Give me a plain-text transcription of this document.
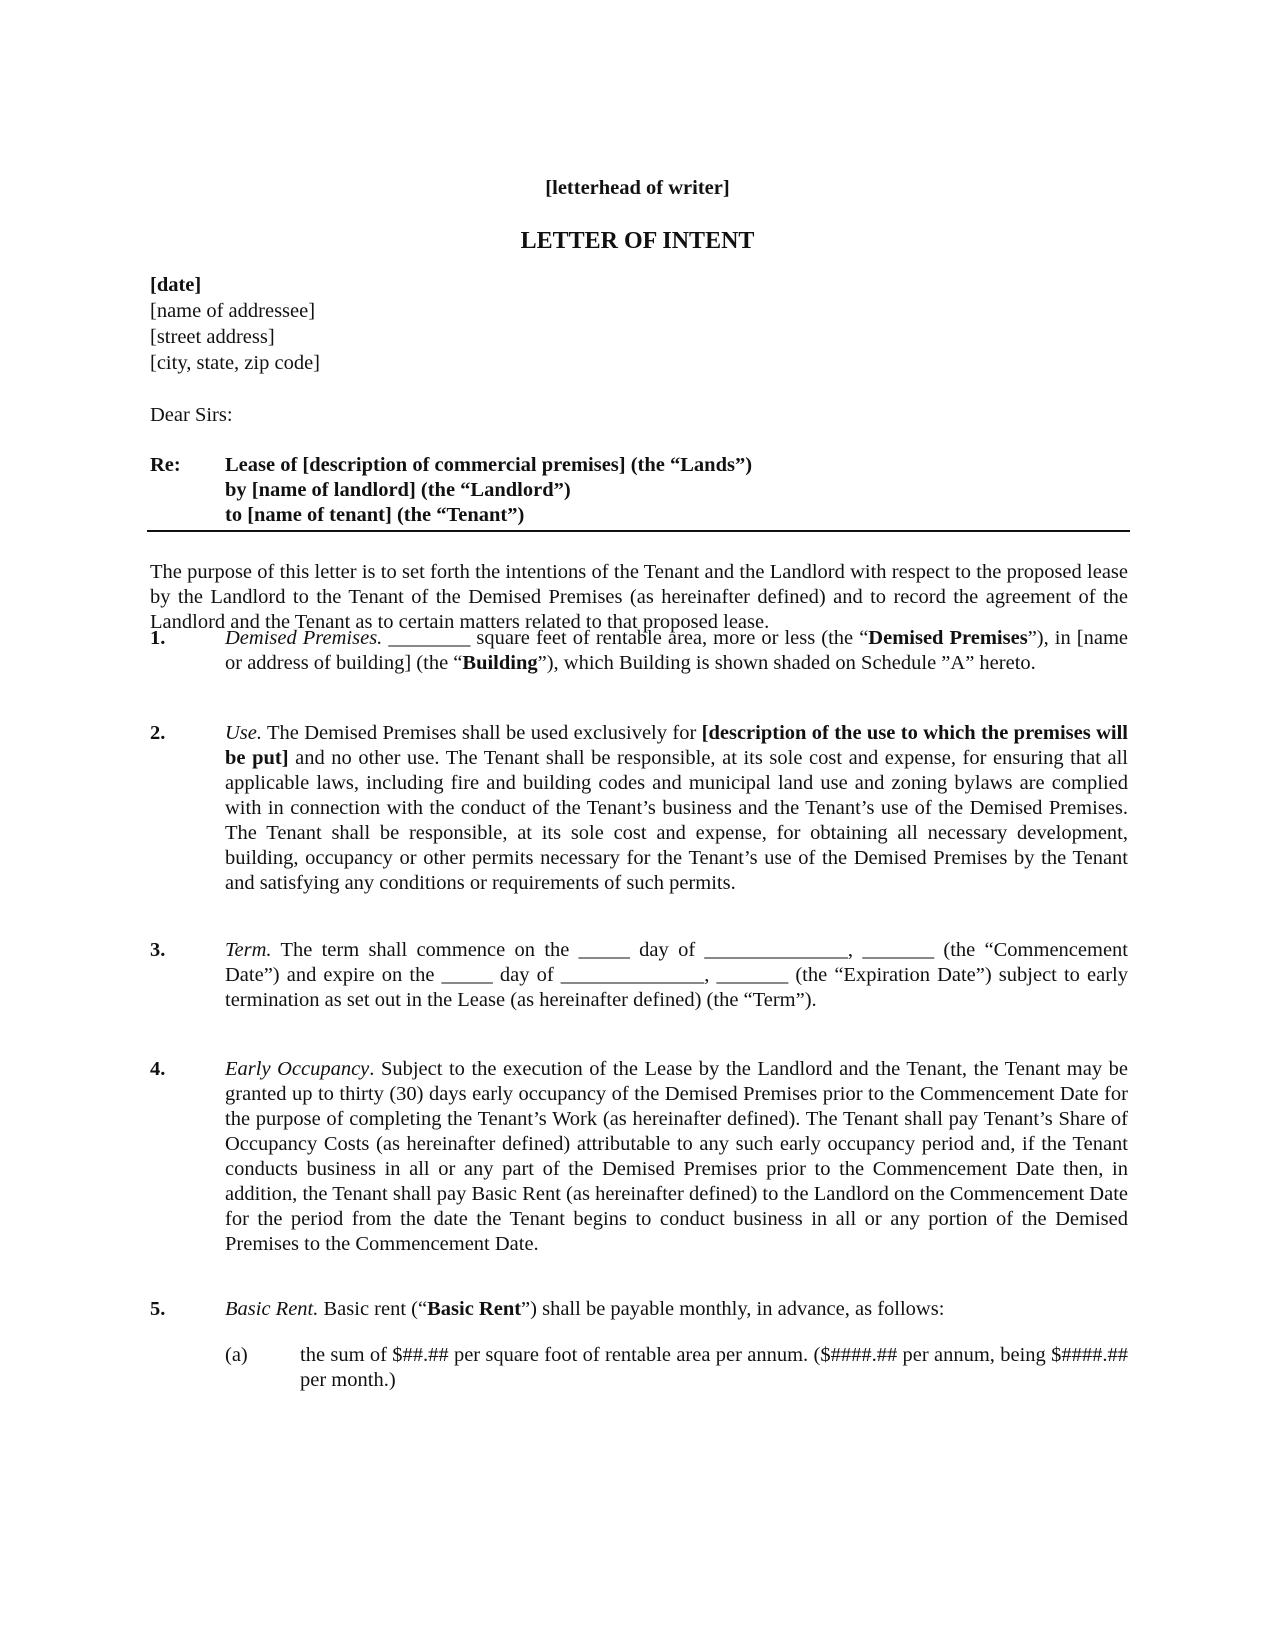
[letterhead of writer]
LETTER OF INTENT
[date]
[name of addressee]
[street address]
[city, state, zip code]
Dear Sirs:
Re: Lease of [description of commercial premises] (the “Lands”)
by [name of landlord] (the “Landlord”)
to [name of tenant] (the “Tenant”)
The purpose of this letter is to set forth the intentions of the Tenant and the Landlord with respect to the proposed lease by the Landlord to the Tenant of the Demised Premises (as hereinafter defined) and to record the agreement of the Landlord and the Tenant as to certain matters related to that proposed lease.
1.	Demised Premises. ________ square feet of rentable area, more or less (the “Demised Premises”), in [name or address of building] (the “Building”), which Building is shown shaded on Schedule ”A” hereto.
2.	Use. The Demised Premises shall be used exclusively for [description of the use to which the premises will be put] and no other use. The Tenant shall be responsible, at its sole cost and expense, for ensuring that all applicable laws, including fire and building codes and municipal land use and zoning bylaws are complied with in connection with the conduct of the Tenant’s business and the Tenant’s use of the Demised Premises. The Tenant shall be responsible, at its sole cost and expense, for obtaining all necessary development, building, occupancy or other permits necessary for the Tenant’s use of the Demised Premises by the Tenant and satisfying any conditions or requirements of such permits.
3.	Term. The term shall commence on the _____ day of ______________, _______ (the “Commencement Date”) and expire on the _____ day of ______________, _______ (the “Expiration Date”) subject to early termination as set out in the Lease (as hereinafter defined) (the “Term”).
4.	Early Occupancy. Subject to the execution of the Lease by the Landlord and the Tenant, the Tenant may be granted up to thirty (30) days early occupancy of the Demised Premises prior to the Commencement Date for the purpose of completing the Tenant’s Work (as hereinafter defined). The Tenant shall pay Tenant’s Share of Occupancy Costs (as hereinafter defined) attributable to any such early occupancy period and, if the Tenant conducts business in all or any part of the Demised Premises prior to the Commencement Date then, in addition, the Tenant shall pay Basic Rent (as hereinafter defined) to the Landlord on the Commencement Date for the period from the date the Tenant begins to conduct business in all or any portion of the Demised Premises to the Commencement Date.
5.	Basic Rent. Basic rent (“Basic Rent”) shall be payable monthly, in advance, as follows:
(a)	the sum of $##.## per square foot of rentable area per annum. ($####.## per annum, being $####.## per month.)
